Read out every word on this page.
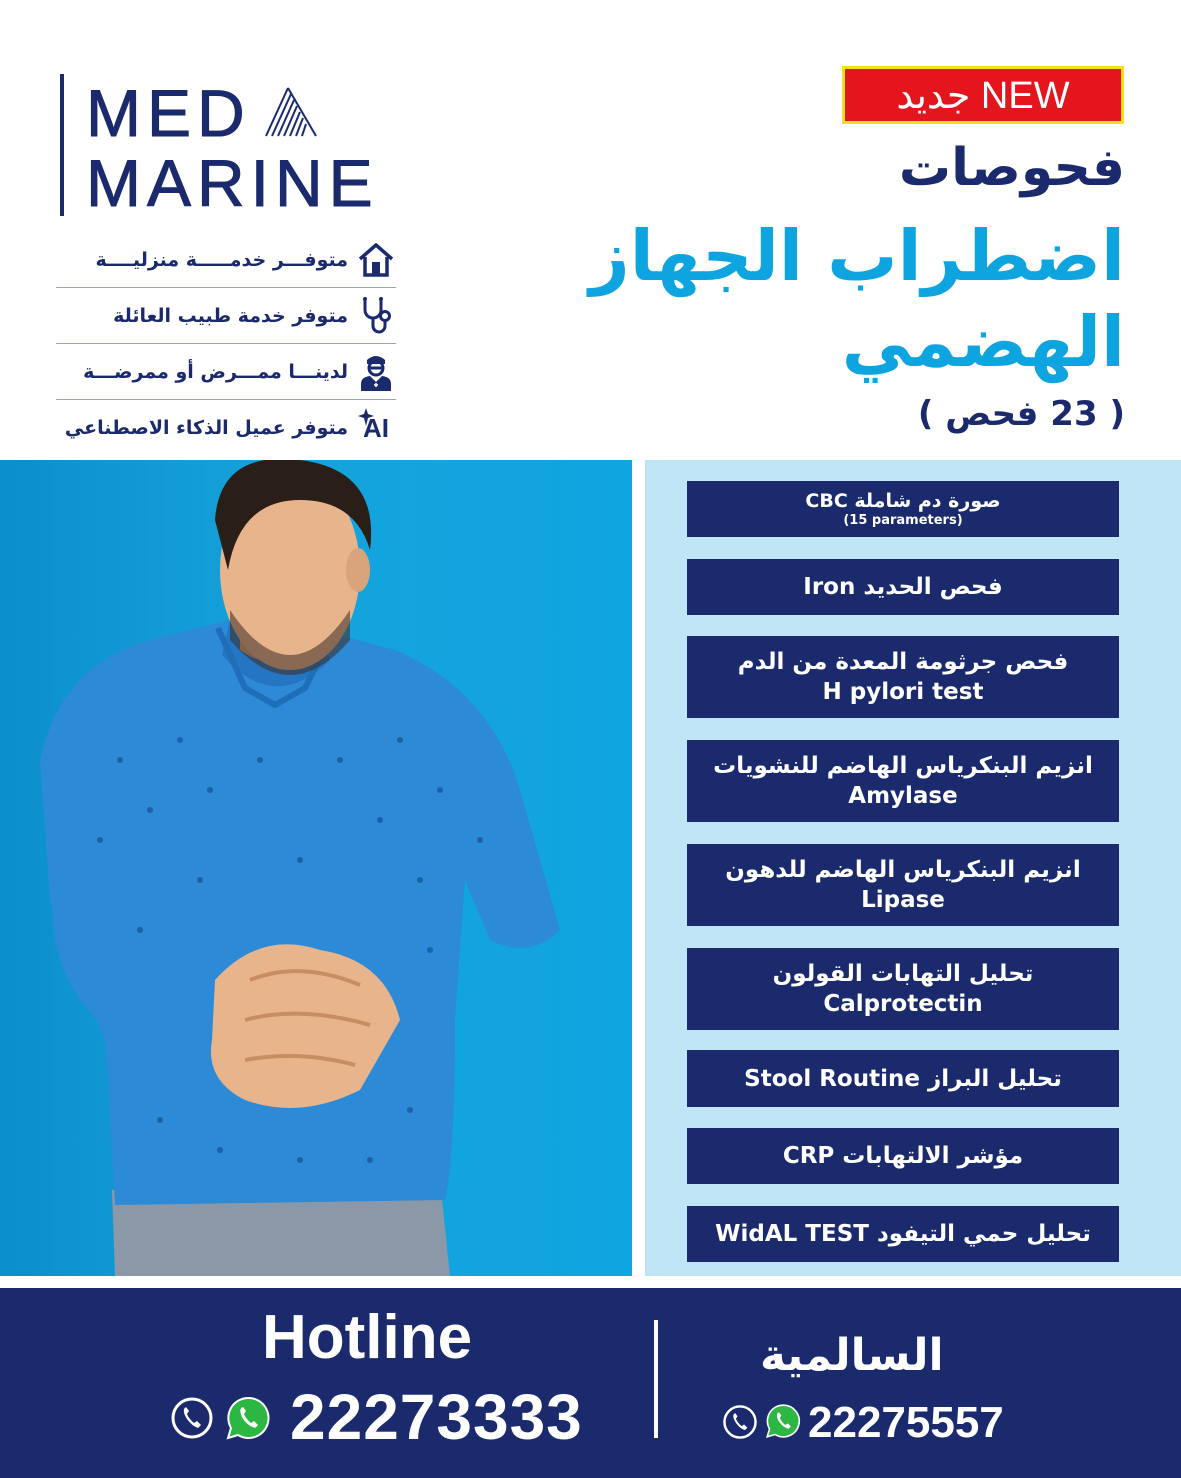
MED
MARINE
متوفـــر خدمـــــة منزليــــة
متوفر خدمة طبيب العائلة
لدينـــا ممـــرض أو ممرضـــة
AI
متوفر عميل الذكاء الاصطناعي
جديد NEW
فحوصات
اضطراب الجهاز
الهضمي
( 23 فحص )
صورة دم شاملة CBC
(15 parameters)
فحص الحديد Iron
فحص جرثومة المعدة من الدم
H pylori test
انزيم البنكرياس الهاضم للنشويات
Amylase
انزيم البنكرياس الهاضم للدهون
Lipase
تحليل التهابات القولون
Calprotectin
تحليل البراز Stool Routine
مؤشر الالتهابات CRP
تحليل حمي التيفود WidAL TEST
Hotline
22273333
السالمية
22275557
